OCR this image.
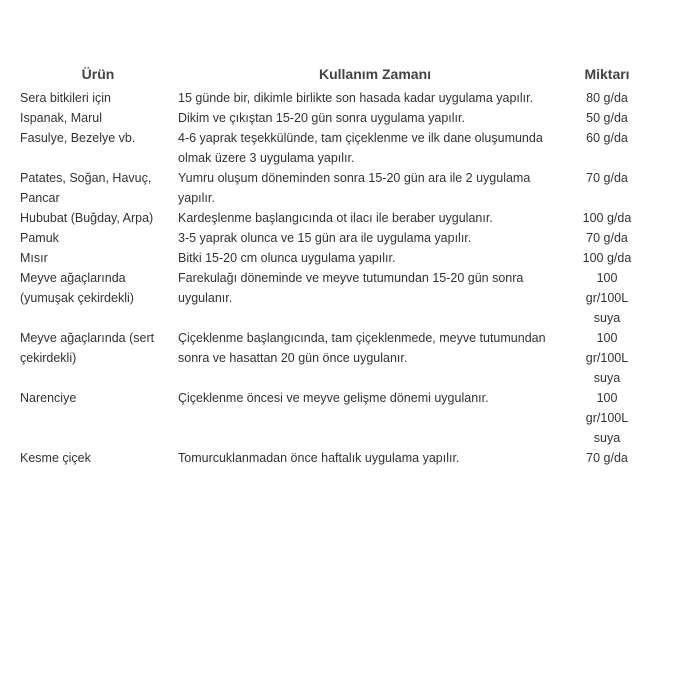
Ürün	Kullanım Zamanı	Miktarı
Sera bitkileri için	15 günde bir, dikimle birlikte son hasada kadar uygulama yapılır.	80 g/da
Ispanak, Marul	Dikim ve çıkıştan 15-20 gün sonra uygulama yapılır.	50 g/da
Fasulye, Bezelye vb.	4-6 yaprak teşekkülünde, tam çiçeklenme ve ilk dane oluşumunda olmak üzere 3 uygulama yapılır.	60 g/da
Patates, Soğan, Havuç, Pancar	Yumru oluşum döneminden sonra 15-20 gün ara ile 2 uygulama yapılır.	70 g/da
Hububat (Buğday, Arpa)	Kardeşlenme başlangıcında ot ilacı ile beraber uygulanır.	100 g/da
Pamuk	3-5 yaprak olunca ve 15 gün ara ile uygulama yapılır.	70 g/da
Mısır	Bitki 15-20 cm olunca uygulama yapılır.	100 g/da
Meyve ağaçlarında (yumuşak çekirdekli)	Farekulağı döneminde ve meyve tutumundan 15-20 gün sonra uygulanır.	100 gr/100L suya
Meyve ağaçlarında (sert çekirdekli)	Çiçeklenme başlangıcında, tam çiçeklenmede, meyve tutumundan sonra ve hasattan 20 gün önce uygulanır.	100 gr/100L suya
Narenciye	Çiçeklenme öncesi ve meyve gelişme dönemi uygulanır.	100 gr/100L suya
Kesme çiçek	Tomurcuklanmadan önce haftalık uygulama yapılır.	70 g/da
